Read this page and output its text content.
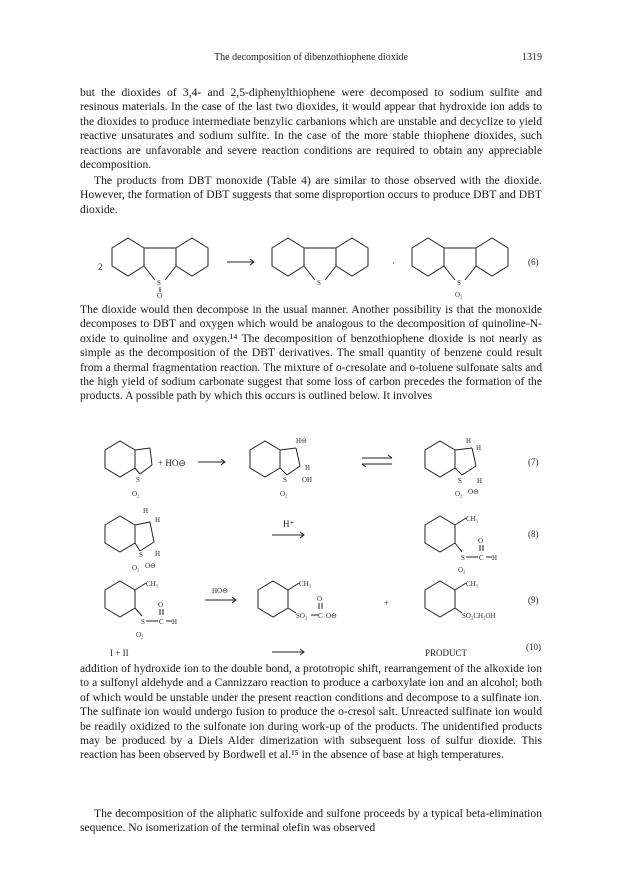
The decomposition of dibenzothiophene dioxide	1319

but the dioxides of 3,4- and 2,5-diphenylthiophene were decomposed to sodium sulfite and resinous materials. In the case of the last two dioxides, it would appear that hydroxide ion adds to the dioxides to produce intermediate benzylic carbanions which are unstable and decyclize to yield reactive unsaturates and sodium sulfite. In the case of the more stable thiophene dioxides, such reactions are unfavorable and severe reaction conditions are required to obtain any appreciable decomposition.

The products from DBT monoxide (Table 4) are similar to those observed with the dioxide. However, the formation of DBT suggests that some disproportion occurs to produce DBT and DBT dioxide.

The dioxide would then decompose in the usual manner. Another possibility is that the monoxide decomposes to DBT and oxygen which would be analogous to the decomposition of quinoline-N-oxide to quinoline and oxygen.¹⁴ The decomposition of benzothiophene dioxide is not nearly as simple as the decomposition of the DBT derivatives. The small quantity of benzene could result from a thermal fragmentation reaction. The mixture of o-cresolate and o-toluene sulfonate salts and the high yield of sodium carbonate suggest that some loss of carbon precedes the formation of the products. A possible path by which this occurs is outlined below. It involves

addition of hydroxide ion to the double bond, a prototropic shift, rearrangement of the alkoxide ion to a sulfonyl aldehyde and a Cannizzaro reaction to produce a carboxylate ion and an alcohol; both of which would be unstable under the present reaction conditions and decompose to a sulfinate ion. The sulfinate ion would undergo fusion to produce the o-cresol salt. Unreacted sulfinate ion would be readily oxidized to the sulfonate ion during work-up of the products. The unidentified products may be produced by a Diels Alder dimerization with subsequent loss of sulfur dioxide. This reaction has been observed by Bordwell et al.¹⁵ in the absence of base at high temperatures.

The decomposition of the aliphatic sulfoxide and sulfone proceeds by a typical beta-elimination sequence. No isomerization of the terminal olefin was observed

2
S
O
S
·
S
O₂
(6)
S
O₂
+ HO⊖
H⊖
H
OH
S
O₂
H
H
H
S
O₂ O⊖
(7)
H
H
H
S
O₂ O⊖
H⁺	CH₃
S C
O
H
O₂
(8)
CH₃
S C
O
H
O₂
HO⊖
CH₃
SO₂ C
O
O⊖
+
CH₃
SO₂CH₂OH
(9)
I + II	PRODUCT
(10)
